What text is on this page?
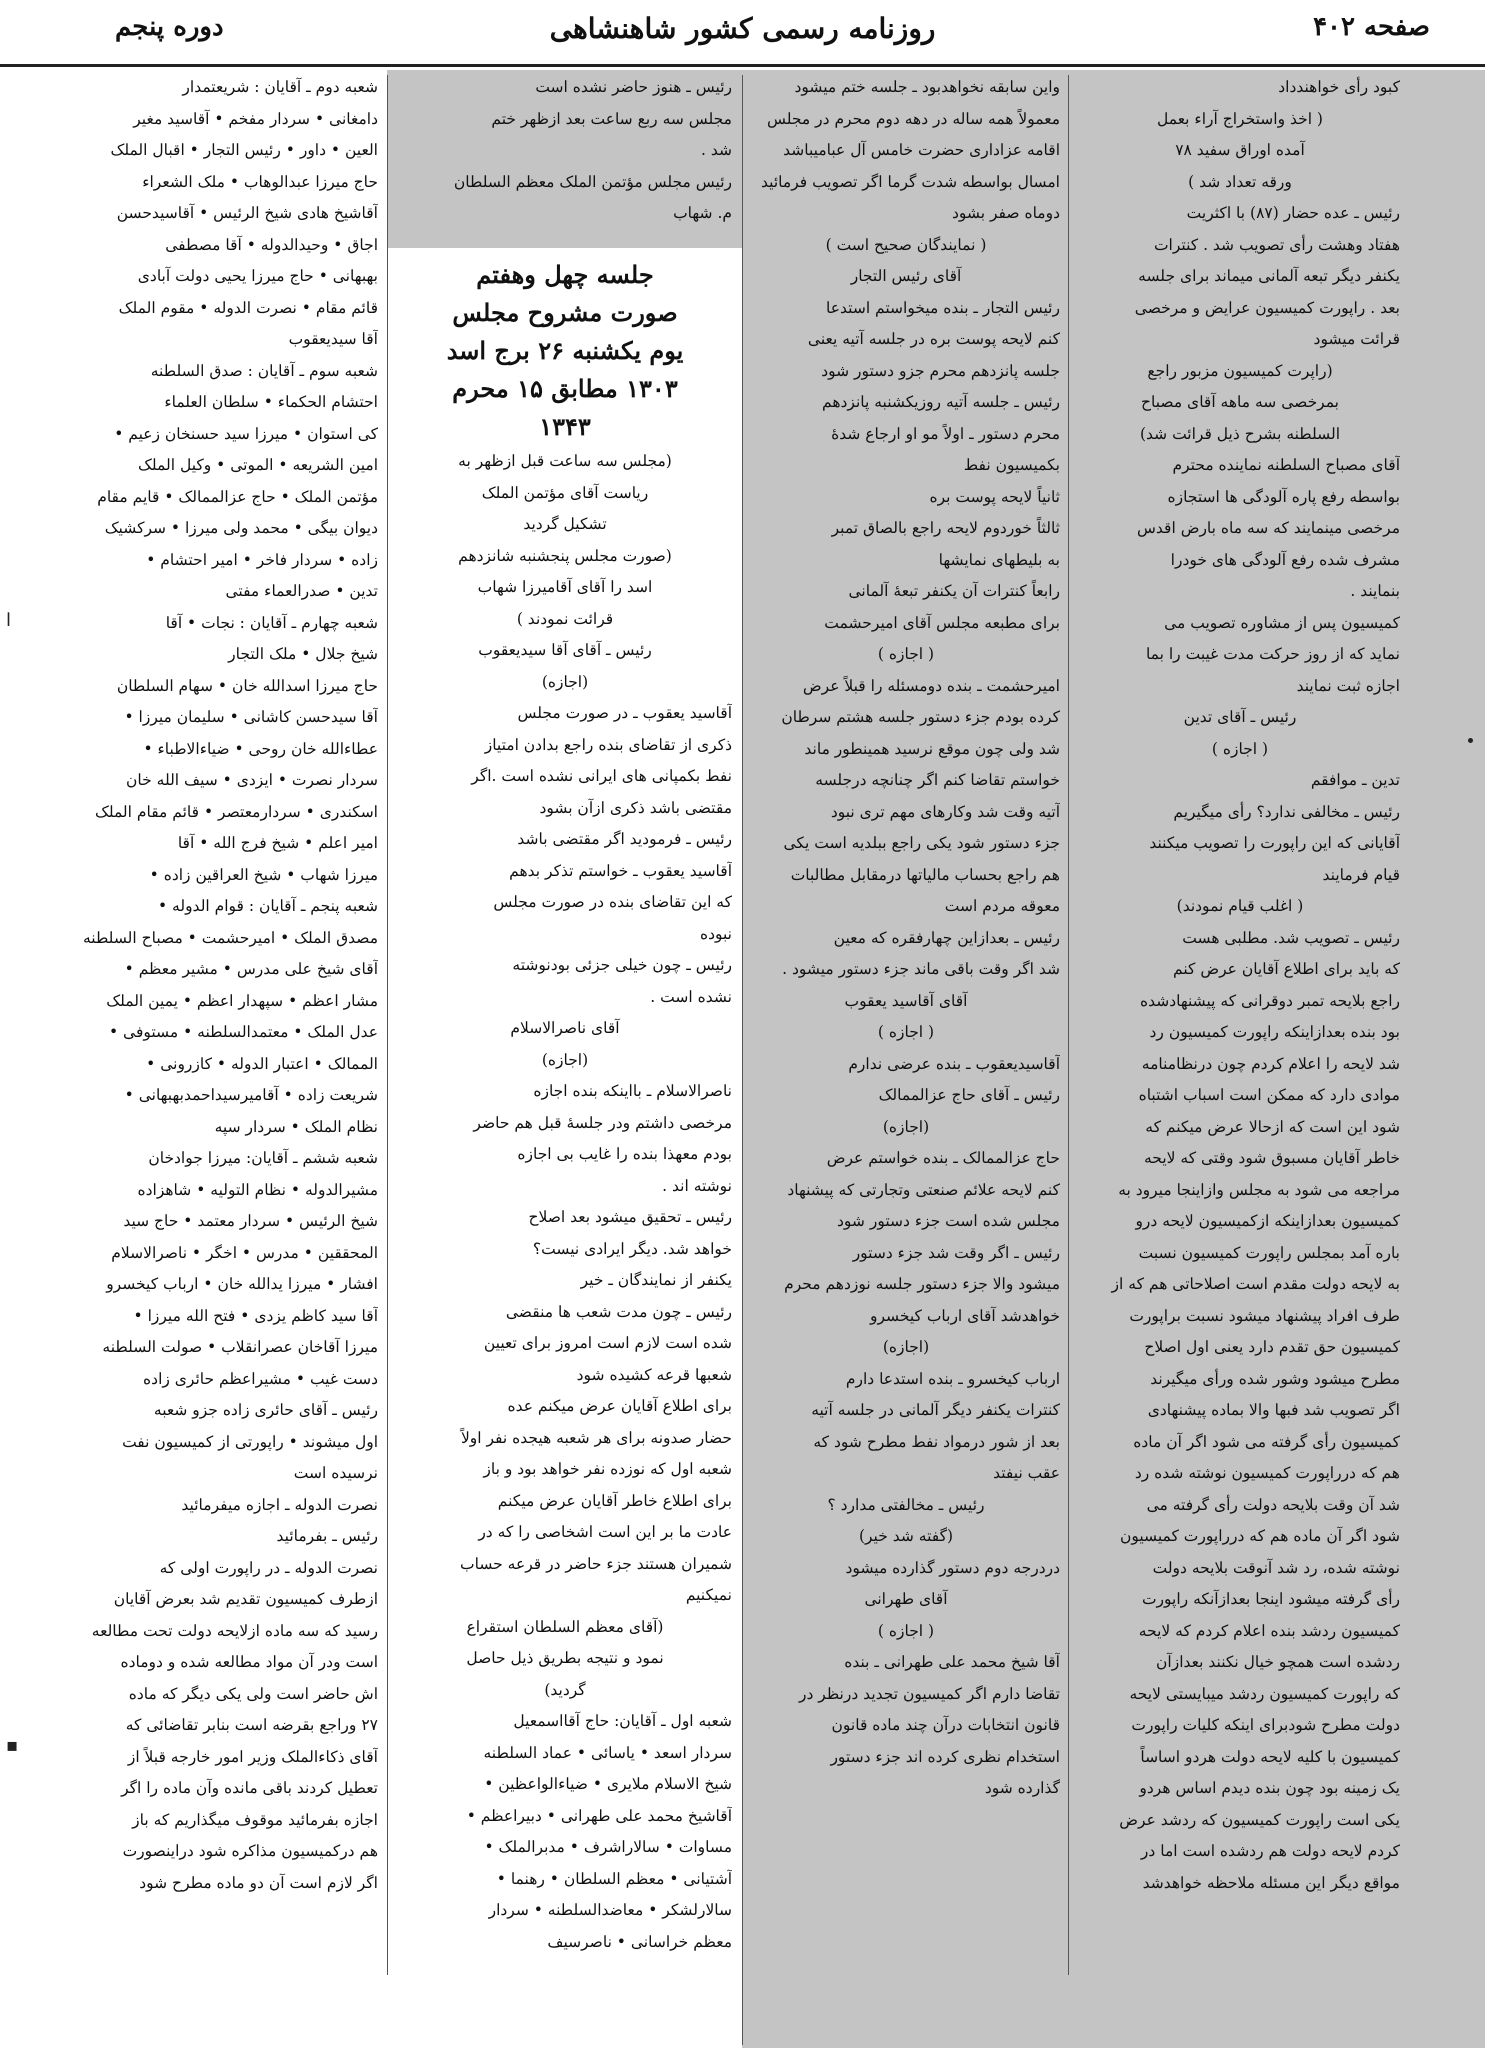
صفحه ۴۰۲
روزنامه رسمی کشور شاهنشاهی
دوره پنجم

کبود رأی خواهندداد

( اخذ واستخراج آراء بعمل

آمده اوراق سفید ۷۸

ورقه تعداد شد )

رئیس ـ عده حضار (۸۷) با اکثریت

هفتاد وهشت رأی تصویب شد . کنترات

یکنفر دیگر تبعه آلمانی میماند برای جلسه

بعد . راپورت کمیسیون عرایض و مرخصی

قرائت میشود

(راپرت کمیسیون مزبور راجع

بمرخصی سه ماهه آقای مصباح

السلطنه بشرح ذیل قرائت شد)

آقای مصباح السلطنه نماینده محترم

بواسطه رفع پاره آلودگی ها استجازه

مرخصی مینمایند که سه ماه بارض اقدس

مشرف شده رفع آلودگی های خودرا

بنمایند .

کمیسیون پس از مشاوره تصویب می

نماید که از روز حرکت مدت غیبت را بما

اجازه ثبت نمایند

رئیس ـ آقای تدین

( اجازه )

تدین ـ موافقم

رئیس ـ مخالفی ندارد؟ رأی میگیریم

آقایانی که این راپورت را تصویب میکنند

قیام فرمایند

( اغلب قیام نمودند)

رئیس ـ تصویب شد. مطلبی هست

که باید برای اطلاع آقایان عرض کنم

راجع بلایحه تمبر دوقرانی که پیشنهادشده

بود بنده بعدازاینکه راپورت کمیسیون رد

شد لایحه را اعلام کردم چون درنظامنامه

موادی دارد که ممکن است اسباب اشتباه

شود این است که ازحالا عرض میکنم که

خاطر آقایان مسبوق شود وقتی که لایحه

مراجعه می شود به مجلس وازاینجا میرود به

کمیسیون بعدازاینکه ازکمیسیون لایحه درو

باره آمد بمجلس راپورت کمیسیون نسبت

به لایحه دولت مقدم است اصلاحاتی هم که از

طرف افراد پیشنهاد میشود نسبت براپورت

کمیسیون حق تقدم دارد یعنی اول اصلاح

مطرح میشود وشور شده ورأی میگیرند

اگر تصویب شد فبها والا بماده پیشنهادی

کمیسیون رأی گرفته می شود اگر آن ماده

هم که درراپورت کمیسیون نوشته شده رد

شد آن وقت بلایحه دولت رأی گرفته می

شود اگر آن ماده هم که درراپورت کمیسیون

نوشته شده، رد شد آنوقت بلایحه دولت

رأی گرفته میشود اینجا بعدازآنکه راپورت

کمیسیون ردشد بنده اعلام کردم که لایحه

ردشده است همچو خیال نکنند بعدازآن

که راپورت کمیسیون ردشد میبایستی لایحه

دولت مطرح شودبرای اینکه کلیات راپورت

کمیسیون با کلیه لایحه دولت هردو اساساً

یک زمینه بود چون بنده دیدم اساس هردو

یکی است راپورت کمیسیون که ردشد عرض

کردم لایحه دولت هم ردشده است اما در

مواقع دیگر این مسئله ملاحظه خواهدشد

واین سابقه نخواهدبود ـ جلسه ختم میشود

معمولاً همه ساله در دهه دوم محرم در مجلس

اقامه عزاداری حضرت خامس آل عبامیباشد

امسال بواسطه شدت گرما اگر تصویب فرمائید

دوماه صفر بشود

( نمایندگان صحیح است )

آقای رئیس التجار

رئیس التجار ـ بنده میخواستم استدعا

کنم لایحه پوست بره در جلسه آتیه یعنی

جلسه پانزدهم محرم جزو دستور شود

رئیس ـ جلسه آتیه روزیکشنبه پانزدهم

محرم دستور ـ اولاً مو او ارجاع شدهٔ

بکمیسیون نفط

ثانیاً لایحه پوست بره

ثالثاً خوردوم لایحه راجع بالصاق تمبر

به بلیطهای نمایشها

رابعاً کنترات آن یکنفر تبعهٔ آلمانی

برای مطبعه مجلس آقای امیرحشمت

( اجازه )

امیرحشمت ـ بنده دومسئله را قبلاً عرض

کرده بودم جزء دستور جلسه هشتم سرطان

شد ولی چون موقع نرسید همینطور ماند

خواستم تقاضا کنم اگر چنانچه درجلسه

آتیه وقت شد وکارهای مهم تری نبود

جزء دستور شود یکی راجع ببلدیه است یکی

هم راجع بحساب مالیاتها درمقابل مطالبات

معوقه مردم است

رئیس ـ بعدازاین چهارفقره که معین

شد اگر وقت باقی ماند جزء دستور میشود .

آقای آقاسید یعقوب

( اجازه )

آقاسیدیعقوب ـ بنده عرضی ندارم

رئیس ـ آقای حاج عزالممالک

(اجازه)

حاج عزالممالک ـ بنده خواستم عرض

کنم لایحه علائم صنعتی وتجارتی که پیشنهاد

مجلس شده است جزء دستور شود

رئیس ـ اگر وقت شد جزء دستور

میشود والا جزء دستور جلسه نوزدهم محرم

خواهدشد آقای ارباب کیخسرو

(اجازه)

ارباب کیخسرو ـ بنده استدعا دارم

کنترات یکنفر دیگر آلمانی در جلسه آتیه

بعد از شور درمواد نفط مطرح شود که

عقب نیفتد

رئیس ـ مخالفتی مدارد ؟

(گفته شد خیر)

دردرجه دوم دستور گذارده میشود

آقای طهرانی

( اجازه )

آقا شیخ محمد علی طهرانی ـ بنده

تقاضا دارم اگر کمیسیون تجدید درنظر در

قانون انتخابات درآن چند ماده قانون

استخدام نظری کرده اند جزء دستور

گذارده شود

رئیس ـ هنوز حاضر نشده است

مجلس سه ربع ساعت بعد ازظهر ختم

شد .

رئیس مجلس مؤتمن الملک معظم السلطان

م. شهاب

جلسه چهل وهفتم

صورت مشروح مجلس

یوم یکشنبه ۲۶ برج اسد

۱۳۰۳ مطابق ۱۵ محرم

۱۳۴۳

(مجلس سه ساعت قبل ازظهر به

ریاست آقای مؤتمن الملک

تشکیل گردید

(صورت مجلس پنجشنبه شانزدهم

اسد را آقای آقامیرزا شهاب

قرائت نمودند )

رئیس ـ آقای آقا سیدیعقوب

(اجازه)

آقاسید یعقوب ـ در صورت مجلس

ذکری از تقاضای بنده راجع بدادن امتیاز

نفط بکمپانی های ایرانی نشده است .اگر

مقتضی باشد ذکری ازآن بشود

رئیس ـ فرمودید اگر مقتضی باشد

آقاسید یعقوب ـ خواستم تذکر بدهم

که این تقاضای بنده در صورت مجلس

نبوده

رئیس ـ چون خیلی جزئی بودنوشته

نشده است .

آقای ناصرالاسلام

(اجازه)

ناصرالاسلام ـ بااینکه بنده اجازه

مرخصی داشتم ودر جلسهٔ قبل هم حاضر

بودم معهذا بنده را غایب بی اجازه

نوشته اند .

رئیس ـ تحقیق میشود بعد اصلاح

خواهد شد. دیگر ایرادی نیست؟

یکنفر از نمایندگان ـ خیر

رئیس ـ چون مدت شعب ها منقضی

شده است لازم است امروز برای تعیین

شعبها قرعه کشیده شود

برای اطلاع آقایان عرض میکنم عده

حضار صدونه برای هر شعبه هیجده نفر اولاً

شعبه اول که نوزده نفر خواهد بود و باز

برای اطلاع خاطر آقایان عرض میکنم

عادت ما بر این است اشخاصی را که در

شمیران هستند جزء حاضر در قرعه حساب

نمیکنیم

(آقای معظم السلطان استقراع

نمود و نتیجه بطریق ذیل حاصل

گردید)

شعبه اول ـ آقایان: حاج آقااسمعیل

سردار اسعد • یاسائی • عماد السلطنه

شیخ الاسلام ملایری • ضیاءالواعظین •

آقاشیخ محمد علی طهرانی • دبیراعظم •

مساوات • سالاراشرف • مدبرالملک •

آشتیانی • معظم السلطان • رهنما •

سالارلشکر • معاضدالسلطنه • سردار

معظم خراسانی • ناصرسیف

شعبه دوم ـ آقایان : شریعتمدار

دامغانی • سردار مفخم • آقاسید مغیر

العین • داور • رئیس التجار • اقبال الملک

حاج میرزا عبدالوهاب • ملک الشعراء

آقاشیخ هادی شیخ الرئیس • آقاسیدحسن

اجاق • وحیدالدوله • آقا مصطفی

بهبهانی • حاج میرزا یحیی دولت آبادی

قائم مقام • نصرت الدوله • مقوم الملک

آقا سیدیعقوب

شعبه سوم ـ آقایان : صدق السلطنه

احتشام الحکماء • سلطان العلماء

کی استوان • میرزا سید حسنخان زعیم •

امین الشریعه • الموتی • وکیل الملک

مؤتمن الملک • حاج عزالممالک • قایم مقام

دیوان بیگی • محمد ولی میرزا • سرکشیک

زاده • سردار فاخر • امیر احتشام •

تدین • صدرالعماء مفتی

شعبه چهارم ـ آقایان : نجات • آقا

شیخ جلال • ملک التجار

حاج میرزا اسدالله خان • سهام السلطان

آقا سیدحسن کاشانی • سلیمان میرزا •

عطاءالله خان روحی • ضیاءالاطباء •

سردار نصرت • ایزدی • سیف الله خان

اسکندری • سردارمعتصر • قائم مقام الملک

امیر اعلم • شیخ فرج الله • آقا

میرزا شهاب • شیخ العراقین زاده •

شعبه پنجم ـ آقایان : قوام الدوله •

مصدق الملک • امیرحشمت • مصباح السلطنه

آقای شیخ علی مدرس • مشیر معظم •

مشار اعظم • سپهدار اعظم • یمین الملک

عدل الملک • معتمدالسلطنه • مستوفی •

الممالک • اعتبار الدوله • کازرونی •

شریعت زاده • آقامیرسیداحمدبهبهانی •

نظام الملک • سردار سپه

شعبه ششم ـ آقایان: میرزا جوادخان

مشیرالدوله • نظام التولیه • شاهزاده

شیخ الرئیس • سردار معتمد • حاج سید

المحققین • مدرس • اخگر • ناصرالاسلام

افشار • میرزا یدالله خان • ارباب کیخسرو

آقا سید کاظم یزدی • فتح الله میرزا •

میرزا آقاخان عصرانقلاب • صولت السلطنه

دست غیب • مشیراعظم حائری زاده

رئیس ـ آقای حائری زاده جزو شعبه

اول میشوند • راپورتی از کمیسیون نفت

نرسیده است

نصرت الدوله ـ اجازه میفرمائید

رئیس ـ بفرمائید

نصرت الدوله ـ در راپورت اولی که

ازطرف کمیسیون تقدیم شد بعرض آقایان

رسید که سه ماده ازلایحه دولت تحت مطالعه

است ودر آن مواد مطالعه شده و دوماده

اش حاضر است ولی یکی دیگر که ماده

۲۷ وراجع بقرضه است بنابر تقاضائی که

آقای ذکاءالملک وزیر امور خارجه قبلاً از

تعطیل کردند باقی مانده وآن ماده را اگر

اجازه بفرمائید موقوف میگذاریم که باز

هم درکمیسیون مذاکره شود دراینصورت

اگر لازم است آن دو ماده مطرح شود

ا
▪
